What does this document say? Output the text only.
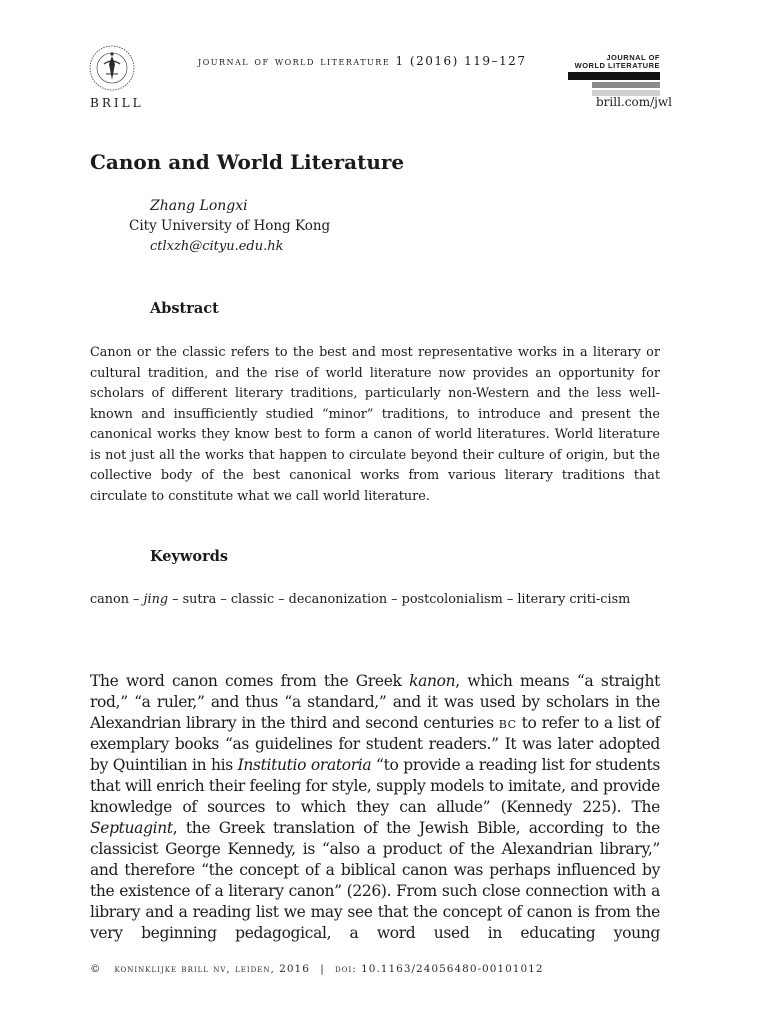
BRILL
journal of world literature 1 (2016) 119–127	JOURNAL OF
WORLD LITERATURE
brill.com/jwl
Canon and World Literature
Zhang Longxi
City University of Hong Kong
ctlxzh@cityu.edu.hk
Abstract

Canon or the classic refers to the best and most representative works in a literary or cultural tradition, and the rise of world literature now provides an opportunity for scholars of different literary traditions, particularly non-Western and the less well-known and insufficiently studied “minor” traditions, to introduce and present the canonical works they know best to form a canon of world literatures. World literature is not just all the works that happen to circulate beyond their culture of origin, but the collective body of the best canonical works from various literary traditions that circulate to constitute what we call world literature.

Keywords

canon – jing – sutra – classic – decanonization – postcolonialism – literary criti-cism

The word canon comes from the Greek kanon, which means “a straight rod,” “a ruler,” and thus “a standard,” and it was used by scholars in the Alexandrian library in the third and second centuries bc to refer to a list of exemplary books “as guidelines for student readers.” It was later adopted by Quintilian in his Institutio oratoria “to provide a reading list for students that will enrich their feeling for style, supply models to imitate, and provide knowledge of sources to which they can allude” (Kennedy 225). The Septuagint, the Greek translation of the Jewish Bible, according to the classicist George Kennedy, is “also a product of the Alexandrian library,” and therefore “the concept of a biblical canon was perhaps influenced by the existence of a literary canon” (226). From such close connection with a library and a reading list we may see that the concept of canon is from the very beginning pedagogical, a word used in educating young

© koninklijke brill nv, leiden, 2016 | doi: 10.1163/24056480-00101012
